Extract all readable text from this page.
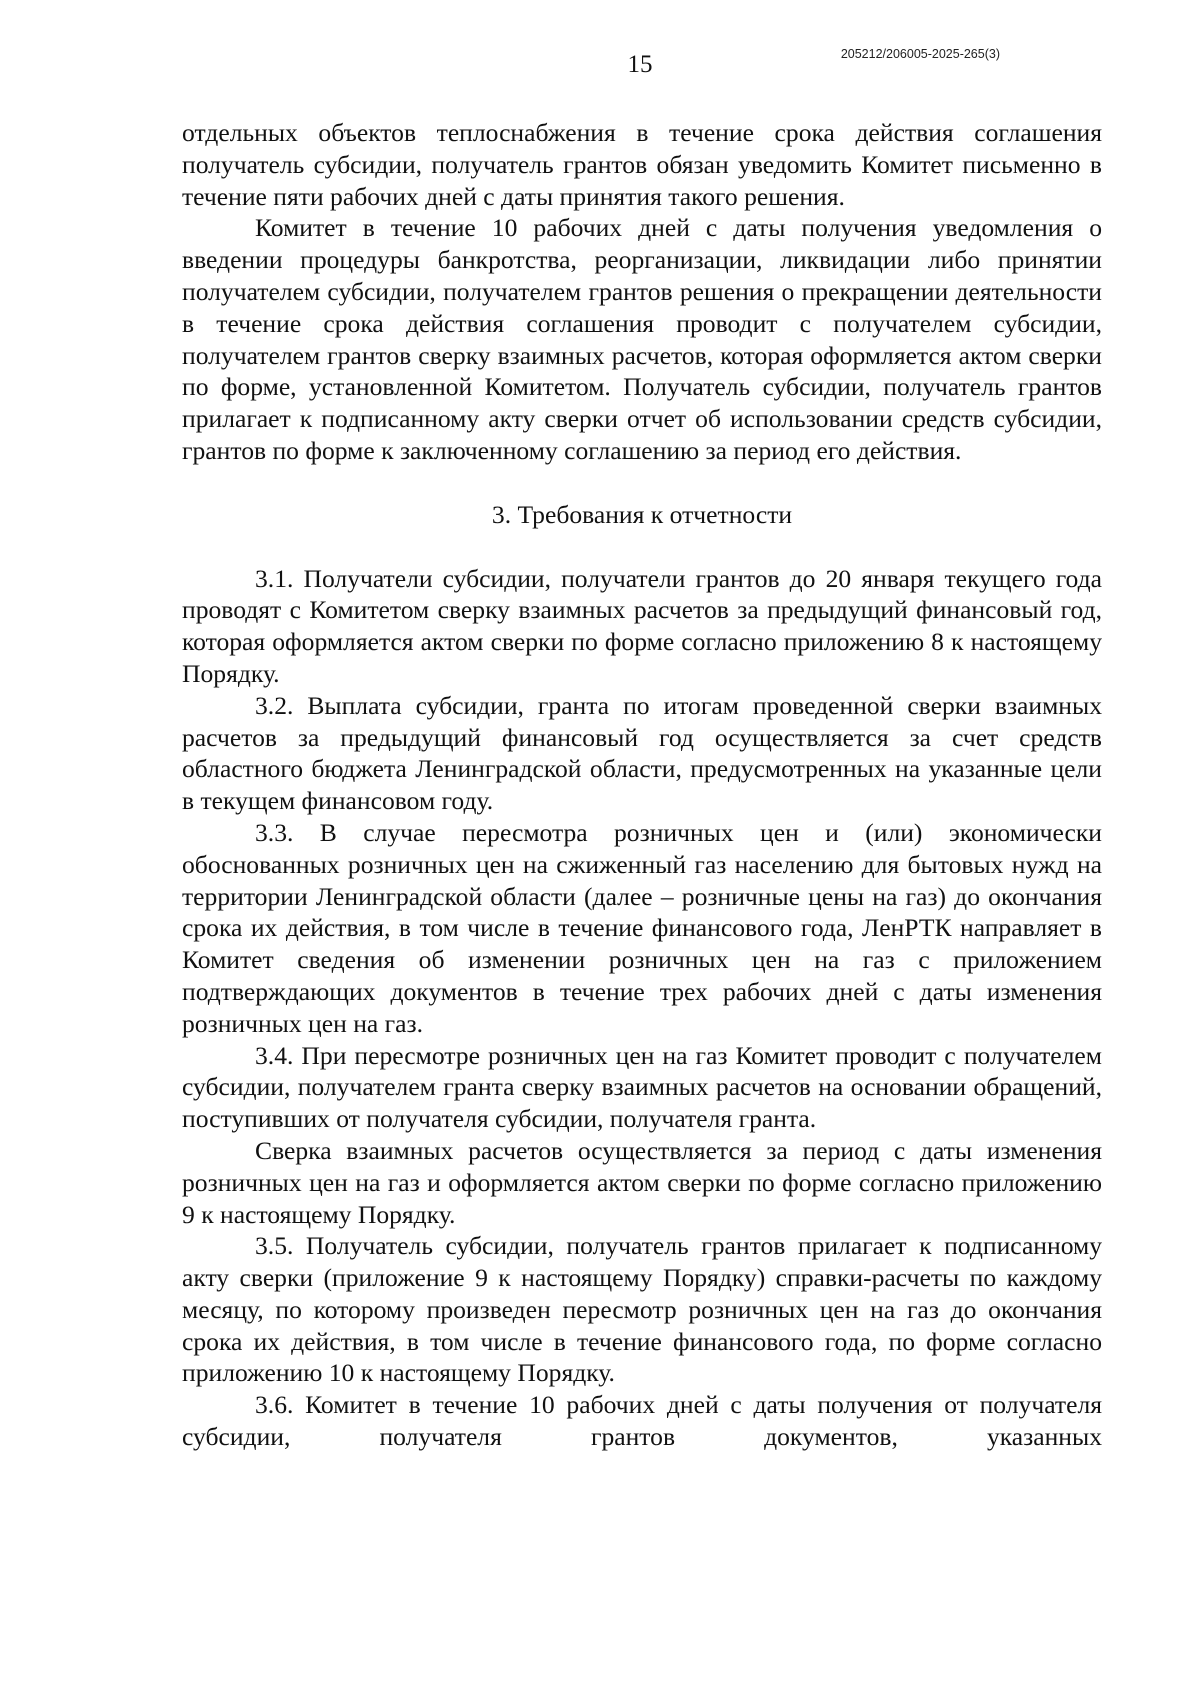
15	205212/206005-2025-265(3)

отдельных объектов теплоснабжения в течение срока действия соглашения получатель субсидии, получатель грантов обязан уведомить Комитет письменно в течение пяти рабочих дней с даты принятия такого решения.

Комитет в течение 10 рабочих дней с даты получения уведомления о введении процедуры банкротства, реорганизации, ликвидации либо принятии получателем субсидии, получателем грантов решения о прекращении деятельности в течение срока действия соглашения проводит с получателем субсидии, получателем грантов сверку взаимных расчетов, которая оформляется актом сверки по форме, установленной Комитетом. Получатель субсидии, получатель грантов прилагает к подписанному акту сверки отчет об использовании средств субсидии, грантов по форме к заключенному соглашению за период его действия.

3. Требования к отчетности

3.1. Получатели субсидии, получатели грантов до 20 января текущего года проводят с Комитетом сверку взаимных расчетов за предыдущий финансовый год, которая оформляется актом сверки по форме согласно приложению 8 к настоящему Порядку.

3.2. Выплата субсидии, гранта по итогам проведенной сверки взаимных расчетов за предыдущий финансовый год осуществляется за счет средств областного бюджета Ленинградской области, предусмотренных на указанные цели в текущем финансовом году.

3.3. В случае пересмотра розничных цен и (или) экономически обоснованных розничных цен на сжиженный газ населению для бытовых нужд на территории Ленинградской области (далее – розничные цены на газ) до окончания срока их действия, в том числе в течение финансового года, ЛенРТК направляет в Комитет сведения об изменении розничных цен на газ с приложением подтверждающих документов в течение трех рабочих дней с даты изменения розничных цен на газ.

3.4. При пересмотре розничных цен на газ Комитет проводит с получателем субсидии, получателем гранта сверку взаимных расчетов на основании обращений, поступивших от получателя субсидии, получателя гранта.

Сверка взаимных расчетов осуществляется за период с даты изменения розничных цен на газ и оформляется актом сверки по форме согласно приложению 9 к настоящему Порядку.

3.5. Получатель субсидии, получатель грантов прилагает к подписанному акту сверки (приложение 9 к настоящему Порядку) справки-расчеты по каждому месяцу, по которому произведен пересмотр розничных цен на газ до окончания срока их действия, в том числе в течение финансового года, по форме согласно приложению 10 к настоящему Порядку.

3.6. Комитет в течение 10 рабочих дней с даты получения от получателя субсидии, получателя грантов документов, указанных
